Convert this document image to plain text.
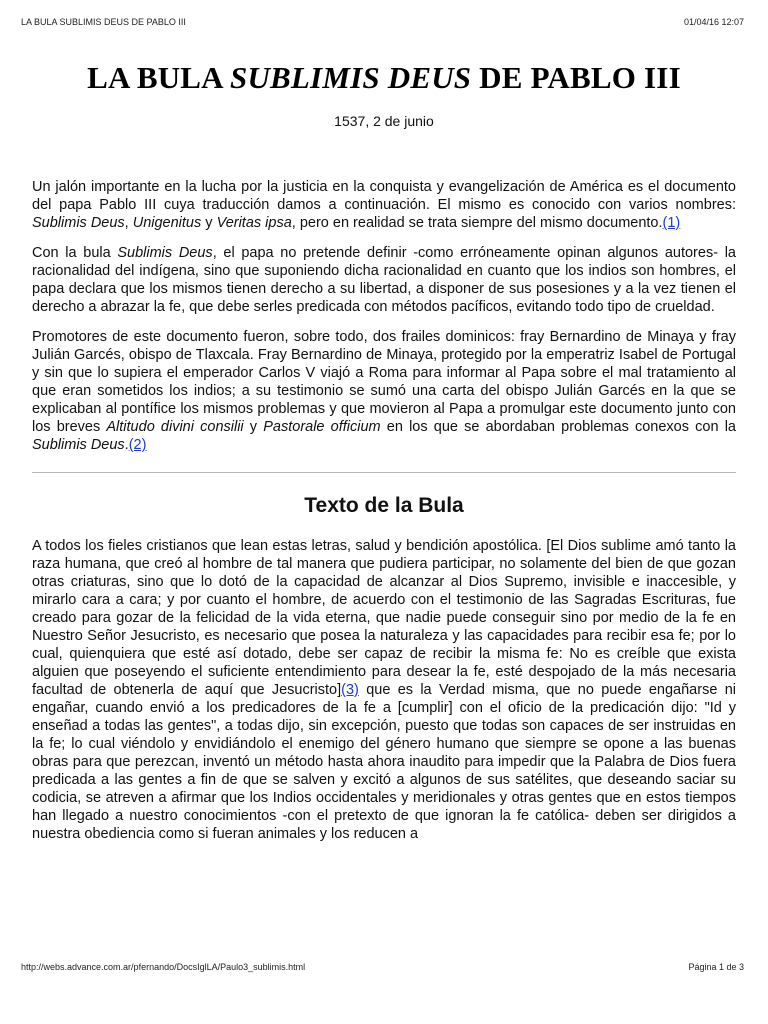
LA BULA SUBLIMIS DEUS DE PABLO III	01/04/16 12:07
LA BULA SUBLIMIS DEUS DE PABLO III
1537, 2 de junio

Un jalón importante en la lucha por la justicia en la conquista y evangelización de América es el documento del papa Pablo III cuya traducción damos a continuación. El mismo es conocido con varios nombres: Sublimis Deus, Unigenitus y Veritas ipsa, pero en realidad se trata siempre del mismo documento.(1)

Con la bula Sublimis Deus, el papa no pretende definir -como erróneamente opinan algunos autores- la racionalidad del indígena, sino que suponiendo dicha racionalidad en cuanto que los indios son hombres, el papa declara que los mismos tienen derecho a su libertad, a disponer de sus posesiones y a la vez tienen el derecho a abrazar la fe, que debe serles predicada con métodos pacíficos, evitando todo tipo de crueldad.

Promotores de este documento fueron, sobre todo, dos frailes dominicos: fray Bernardino de Minaya y fray Julián Garcés, obispo de Tlaxcala. Fray Bernardino de Minaya, protegido por la emperatriz Isabel de Portugal y sin que lo supiera el emperador Carlos V viajó a Roma para informar al Papa sobre el mal tratamiento al que eran sometidos los indios; a su testimonio se sumó una carta del obispo Julián Garcés en la que se explicaban al pontífice los mismos problemas y que movieron al Papa a promulgar este documento junto con los breves Altitudo divini consilii y Pastorale officium en los que se abordaban problemas conexos con la Sublimis Deus.(2)

Texto de la Bula

A todos los fieles cristianos que lean estas letras, salud y bendición apostólica. [El Dios sublime amó tanto la raza humana, que creó al hombre de tal manera que pudiera participar, no solamente del bien de que gozan otras criaturas, sino que lo dotó de la capacidad de alcanzar al Dios Supremo, invisible e inaccesible, y mirarlo cara a cara; y por cuanto el hombre, de acuerdo con el testimonio de las Sagradas Escrituras, fue creado para gozar de la felicidad de la vida eterna, que nadie puede conseguir sino por medio de la fe en Nuestro Señor Jesucristo, es necesario que posea la naturaleza y las capacidades para recibir esa fe; por lo cual, quienquiera que esté así dotado, debe ser capaz de recibir la misma fe: No es creíble que exista alguien que poseyendo el suficiente entendimiento para desear la fe, esté despojado de la más necesaria facultad de obtenerla de aquí que Jesucristo](3) que es la Verdad misma, que no puede engañarse ni engañar, cuando envió a los predicadores de la fe a [cumplir] con el oficio de la predicación dijo: "Id y enseñad a todas las gentes", a todas dijo, sin excepción, puesto que todas son capaces de ser instruidas en la fe; lo cual viéndolo y envidiándolo el enemigo del género humano que siempre se opone a las buenas obras para que perezcan, inventó un método hasta ahora inaudito para impedir que la Palabra de Dios fuera predicada a las gentes a fin de que se salven y excitó a algunos de sus satélites, que deseando saciar su codicia, se atreven a afirmar que los Indios occidentales y meridionales y otras gentes que en estos tiempos han llegado a nuestro conocimientos -con el pretexto de que ignoran la fe católica- deben ser dirigidos a nuestra obediencia como si fueran animales y los reducen a

http://webs.advance.com.ar/pfernando/DocsIglLA/Paulo3_sublimis.html	Página 1 de 3
